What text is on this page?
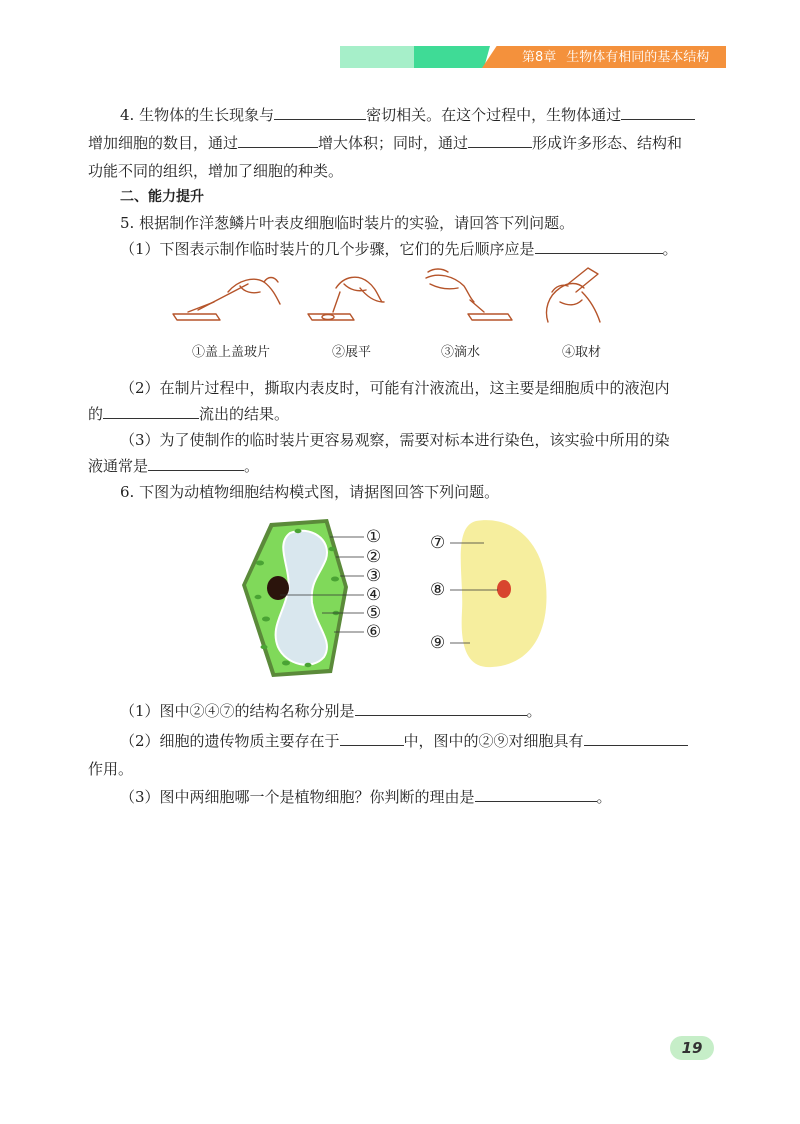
第8章 生物体有相同的基本结构
4. 生物体的生长现象与	密切相关。在这个过程中，生物体通过
增加细胞的数目，通过	增大体积；同时，通过	形成许多形态、结构和
功能不同的组织，增加了细胞的种类。
二、能力提升
5. 根据制作洋葱鳞片叶表皮细胞临时装片的实验，请回答下列问题。
（1）下图表示制作临时装片的几个步骤，它们的先后顺序应是	。
①盖上盖玻片	②展平	③滴水	④取材
（2）在制片过程中，撕取内表皮时，可能有汁液流出，这主要是细胞质中的液泡内
的	流出的结果。
（3）为了使制作的临时装片更容易观察，需要对标本进行染色，该实验中所用的染
液通常是	。
6. 下图为动植物细胞结构模式图，请据图回答下列问题。
①
②
③
④
⑤
⑥
⑦
⑧
⑨
（1）图中②④⑦的结构名称分别是	。
（2）细胞的遗传物质主要存在于	中，图中的②⑨对细胞具有
作用。
（3）图中两细胞哪一个是植物细胞？你判断的理由是	。
19
